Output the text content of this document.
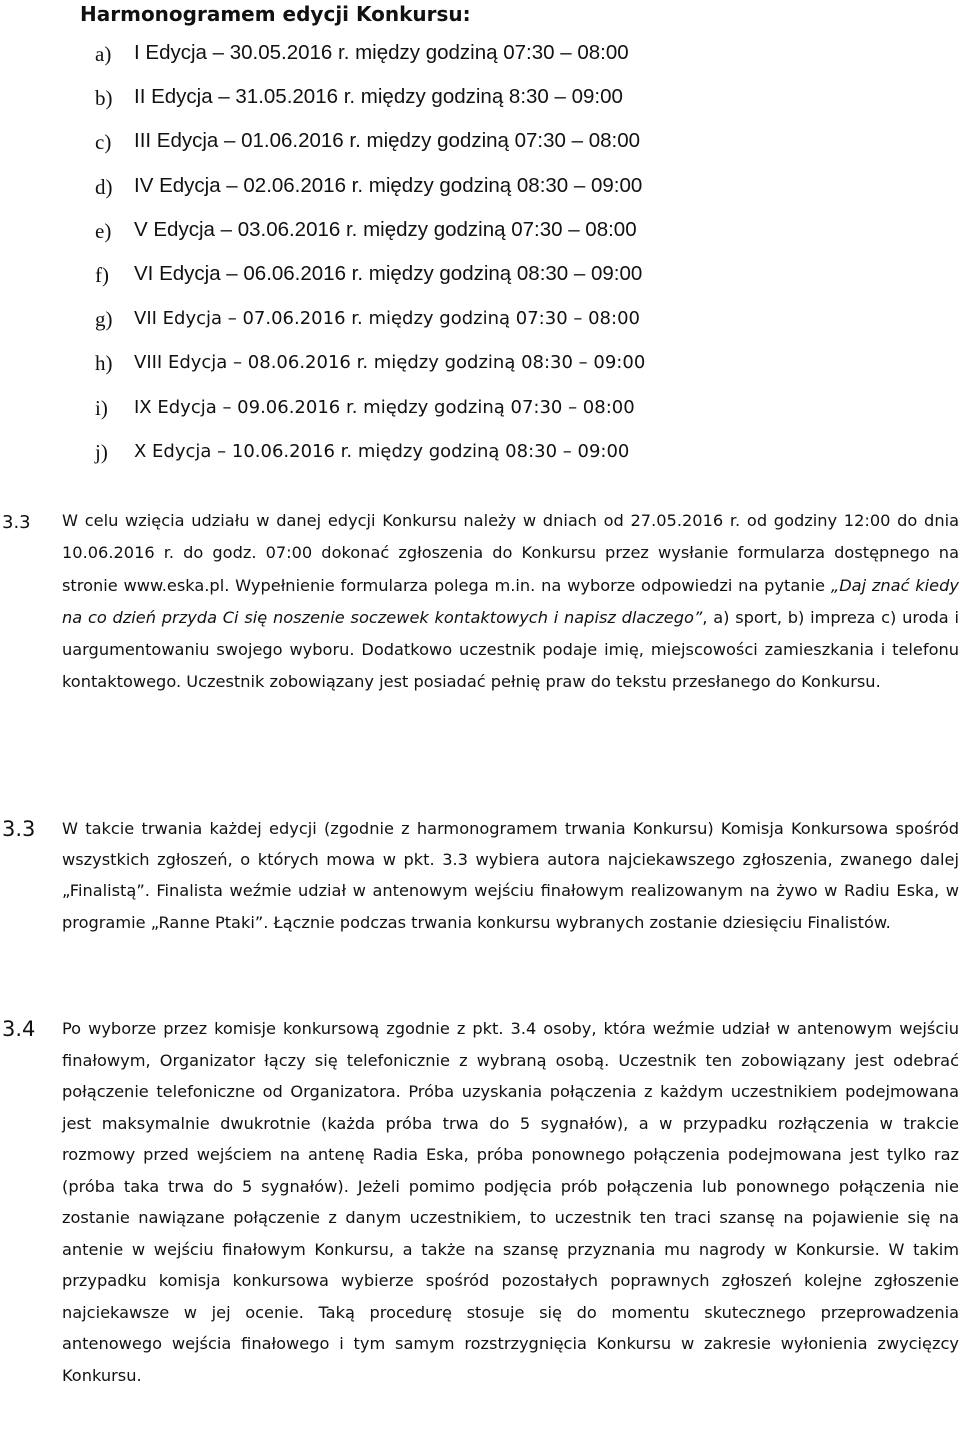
Harmonogramem edycji Konkursu:
a) I Edycja – 30.05.2016 r. między godziną 07:30 – 08:00
b) II Edycja – 31.05.2016 r. między godziną 8:30 – 09:00
c) III Edycja – 01.06.2016 r. między godziną 07:30 – 08:00
d) IV Edycja – 02.06.2016 r. między godziną 08:30 – 09:00
e) V Edycja – 03.06.2016 r. między godziną 07:30 – 08:00
f) VI Edycja – 06.06.2016 r. między godziną 08:30 – 09:00
g) VII Edycja – 07.06.2016 r. między godziną 07:30 – 08:00
h) VIII Edycja – 08.06.2016 r. między godziną 08:30 – 09:00
i) IX Edycja – 09.06.2016 r. między godziną 07:30 – 08:00
j) X Edycja – 10.06.2016 r. między godziną 08:30 – 09:00
3.3 W celu wzięcia udziału w danej edycji Konkursu należy w dniach od 27.05.2016 r. od godziny 12:00 do dnia 10.06.2016 r. do godz. 07:00 dokonać zgłoszenia do Konkursu przez wysłanie formularza dostępnego na stronie www.eska.pl. Wypełnienie formularza polega m.in. na wyborze odpowiedzi na pytanie „Daj znać kiedy na co dzień przyda Ci się noszenie soczewek kontaktowych i napisz dlaczego”, a) sport, b) impreza c) uroda i uargumentowaniu swojego wyboru. Dodatkowo uczestnik podaje imię, miejscowości zamieszkania i telefonu kontaktowego. Uczestnik zobowiązany jest posiadać pełnię praw do tekstu przesłanego do Konkursu.
3.3 W takcie trwania każdej edycji (zgodnie z harmonogramem trwania Konkursu) Komisja Konkursowa spośród wszystkich zgłoszeń, o których mowa w pkt. 3.3 wybiera autora najciekawszego zgłoszenia, zwanego dalej „Finalistą”. Finalista weźmie udział w antenowym wejściu finałowym realizowanym na żywo w Radiu Eska, w programie „Ranne Ptaki”. Łącznie podczas trwania konkursu wybranych zostanie dziesięciu Finalistów.
3.4 Po wyborze przez komisje konkursową zgodnie z pkt. 3.4 osoby, która weźmie udział w antenowym wejściu finałowym, Organizator łączy się telefonicznie z wybraną osobą. Uczestnik ten zobowiązany jest odebrać połączenie telefoniczne od Organizatora. Próba uzyskania połączenia z każdym uczestnikiem podejmowana jest maksymalnie dwukrotnie (każda próba trwa do 5 sygnałów), a w przypadku rozłączenia w trakcie rozmowy przed wejściem na antenę Radia Eska, próba ponownego połączenia podejmowana jest tylko raz (próba taka trwa do 5 sygnałów). Jeżeli pomimo podjęcia prób połączenia lub ponownego połączenia nie zostanie nawiązane połączenie z danym uczestnikiem, to uczestnik ten traci szansę na pojawienie się na antenie w wejściu finałowym Konkursu, a także na szansę przyznania mu nagrody w Konkursie. W takim przypadku komisja konkursowa wybierze spośród pozostałych poprawnych zgłoszeń kolejne zgłoszenie najciekawsze w jej ocenie. Taką procedurę stosuje się do momentu skutecznego przeprowadzenia antenowego wejścia finałowego i tym samym rozstrzygnięcia Konkursu w zakresie wyłonienia zwycięzcy Konkursu.
